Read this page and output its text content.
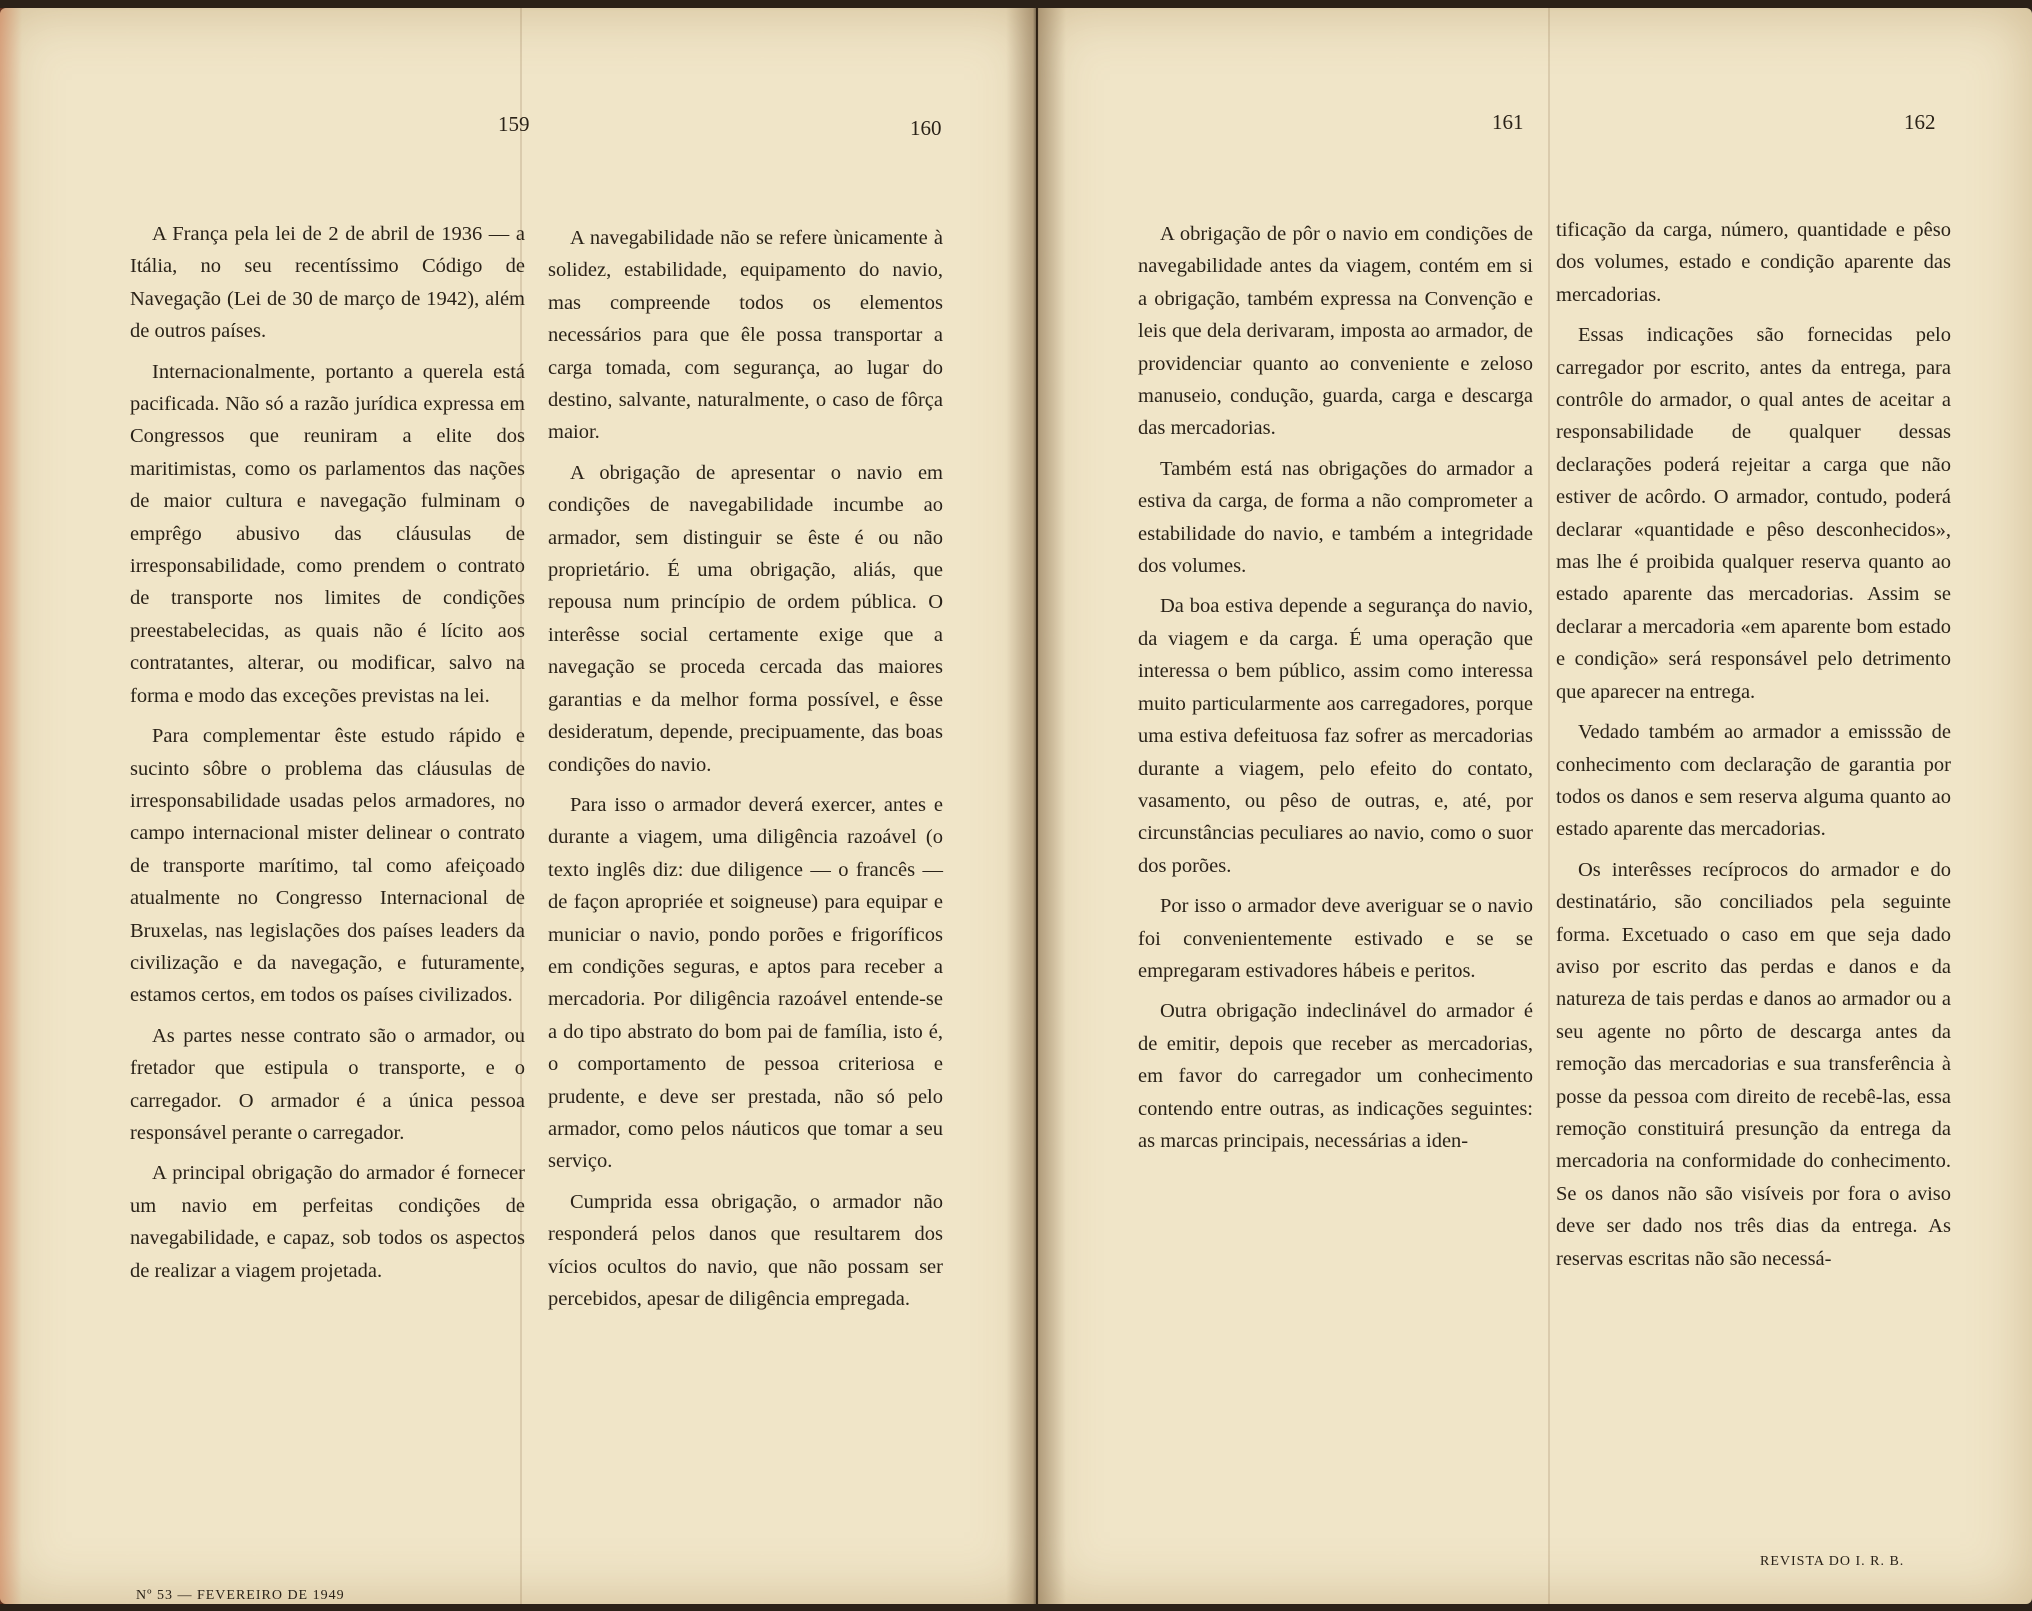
159	160	161	162

A França pela lei de 2 de abril de 1936 — a Itália, no seu recentíssimo Código de Navegação (Lei de 30 de março de 1942), além de outros países.

Internacionalmente, portanto a querela está pacificada. Não só a razão jurídica expressa em Congressos que reuniram a elite dos maritimistas, como os parlamentos das nações de maior cultura e navegação fulminam o emprêgo abusivo das cláusulas de irresponsabilidade, como prendem o contrato de transporte nos limites de condições preestabelecidas, as quais não é lícito aos contratantes, alterar, ou modificar, salvo na forma e modo das exceções previstas na lei.

Para complementar êste estudo rápido e sucinto sôbre o problema das cláusulas de irresponsabilidade usadas pelos armadores, no campo internacional mister delinear o contrato de transporte marítimo, tal como afeiçoado atualmente no Congresso Internacional de Bruxelas, nas legislações dos países leaders da civilização e da navegação, e futuramente, estamos certos, em todos os países civilizados.

As partes nesse contrato são o armador, ou fretador que estipula o transporte, e o carregador. O armador é a única pessoa responsável perante o carregador.

A principal obrigação do armador é fornecer um navio em perfeitas condições de navegabilidade, e capaz, sob todos os aspectos de realizar a viagem projetada.

A navegabilidade não se refere ùnicamente à solidez, estabilidade, equipamento do navio, mas compreende todos os elementos necessários para que êle possa transportar a carga tomada, com segurança, ao lugar do destino, salvante, naturalmente, o caso de fôrça maior.

A obrigação de apresentar o navio em condições de navegabilidade incumbe ao armador, sem distinguir se êste é ou não proprietário. É uma obrigação, aliás, que repousa num princípio de ordem pública. O interêsse social certamente exige que a navegação se proceda cercada das maiores garantias e da melhor forma possível, e êsse desideratum, depende, precipuamente, das boas condições do navio.

Para isso o armador deverá exercer, antes e durante a viagem, uma diligência razoável (o texto inglês diz: due diligence — o francês — de façon apropriée et soigneuse) para equipar e municiar o navio, pondo porões e frigoríficos em condições seguras, e aptos para receber a mercadoria. Por diligência razoável entende-se a do tipo abstrato do bom pai de família, isto é, o comportamento de pessoa criteriosa e prudente, e deve ser prestada, não só pelo armador, como pelos náuticos que tomar a seu serviço.

Cumprida essa obrigação, o armador não responderá pelos danos que resultarem dos vícios ocultos do navio, que não possam ser percebidos, apesar de diligência empregada.

A obrigação de pôr o navio em condições de navegabilidade antes da viagem, contém em si a obrigação, também expressa na Convenção e leis que dela derivaram, imposta ao armador, de providenciar quanto ao conveniente e zeloso manuseio, condução, guarda, carga e descarga das mercadorias.

Também está nas obrigações do armador a estiva da carga, de forma a não comprometer a estabilidade do navio, e também a integridade dos volumes.

Da boa estiva depende a segurança do navio, da viagem e da carga. É uma operação que interessa o bem público, assim como interessa muito particularmente aos carregadores, porque uma estiva defeituosa faz sofrer as mercadorias durante a viagem, pelo efeito do contato, vasamento, ou pêso de outras, e, até, por circunstâncias peculiares ao navio, como o suor dos porões.

Por isso o armador deve averiguar se o navio foi convenientemente estivado e se se empregaram estivadores hábeis e peritos.

Outra obrigação indeclinável do armador é de emitir, depois que receber as mercadorias, em favor do carregador um conhecimento contendo entre outras, as indicações seguintes: as marcas principais, necessárias a iden-

tificação da carga, número, quantidade e pêso dos volumes, estado e condição aparente das mercadorias.

Essas indicações são fornecidas pelo carregador por escrito, antes da entrega, para contrôle do armador, o qual antes de aceitar a responsabilidade de qualquer dessas declarações poderá rejeitar a carga que não estiver de acôrdo. O armador, contudo, poderá declarar «quantidade e pêso desconhecidos», mas lhe é proibida qualquer reserva quanto ao estado aparente das mercadorias. Assim se declarar a mercadoria «em aparente bom estado e condição» será responsável pelo detrimento que aparecer na entrega.

Vedado também ao armador a emisssão de conhecimento com declaração de garantia por todos os danos e sem reserva alguma quanto ao estado aparente das mercadorias.

Os interêsses recíprocos do armador e do destinatário, são conciliados pela seguinte forma. Excetuado o caso em que seja dado aviso por escrito das perdas e danos e da natureza de tais perdas e danos ao armador ou a seu agente no pôrto de descarga antes da remoção das mercadorias e sua transferência à posse da pessoa com direito de recebê-las, essa remoção constituirá presunção da entrega da mercadoria na conformidade do conhecimento. Se os danos não são visíveis por fora o aviso deve ser dado nos três dias da entrega. As reservas escritas não são necessá-

Nº 53 — FEVEREIRO DE 1949
REVISTA DO I. R. B.
